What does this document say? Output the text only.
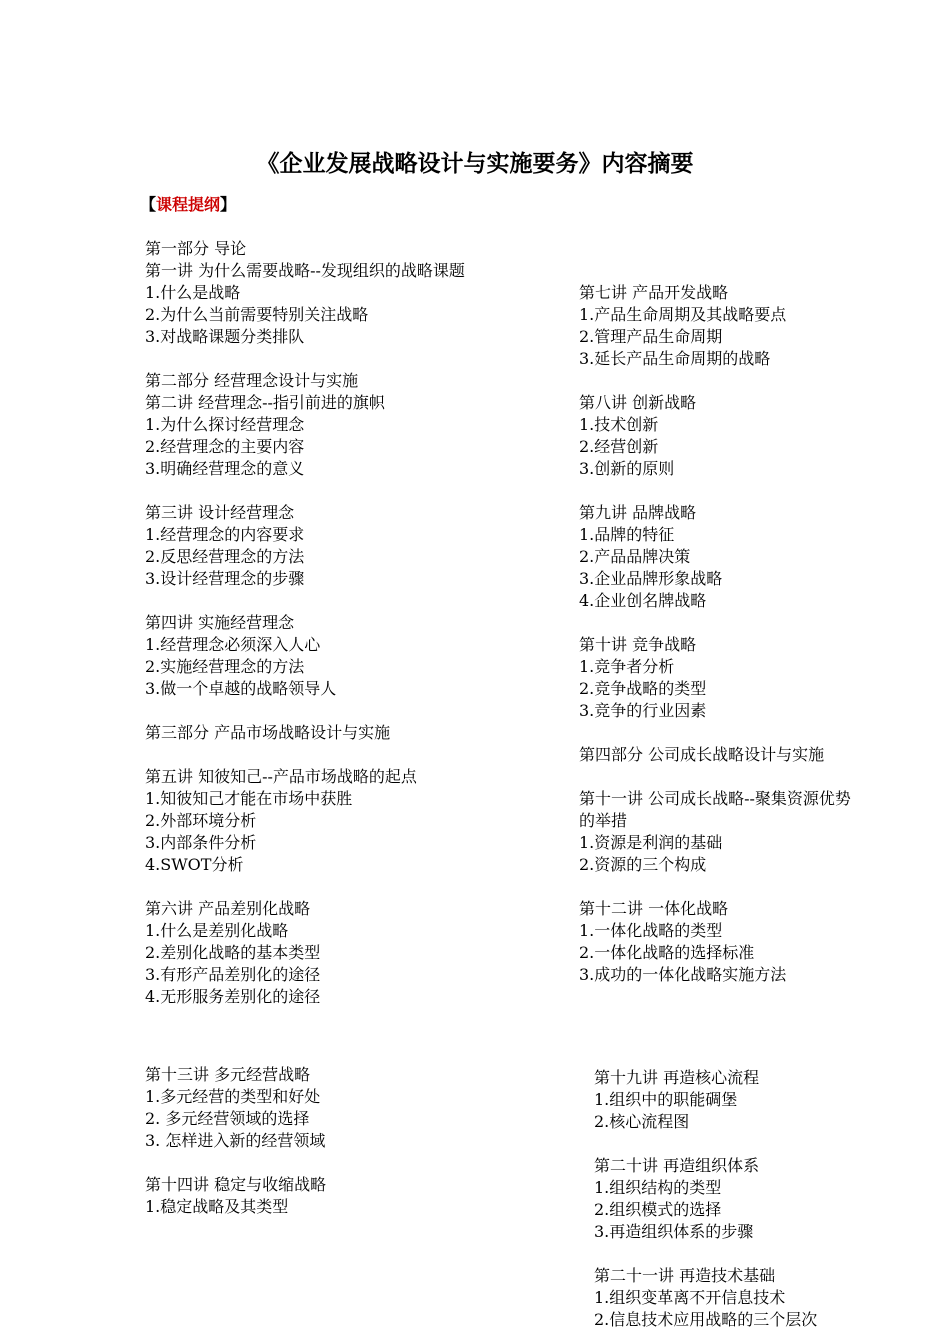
《企业发展战略设计与实施要务》内容摘要
【课程提纲】

第一部分 导论

第一讲 为什么需要战略--发现组织的战略课题

1.什么是战略

2.为什么当前需要特别关注战略

3.对战略课题分类排队

第二部分 经营理念设计与实施

第二讲 经营理念--指引前进的旗帜

1.为什么探讨经营理念

2.经营理念的主要内容

3.明确经营理念的意义

第三讲 设计经营理念

1.经营理念的内容要求

2.反思经营理念的方法

3.设计经营理念的步骤

第四讲 实施经营理念

1.经营理念必须深入人心

2.实施经营理念的方法

3.做一个卓越的战略领导人

第三部分 产品市场战略设计与实施

第五讲 知彼知己--产品市场战略的起点

1.知彼知己才能在市场中获胜

2.外部环境分析

3.内部条件分析

4.SWOT分析

第六讲 产品差别化战略

1.什么是差别化战略

2.差别化战略的基本类型

3.有形产品差别化的途径

4.无形服务差别化的途径

第七讲 产品开发战略

1.产品生命周期及其战略要点

2.管理产品生命周期

3.延长产品生命周期的战略

第八讲 创新战略

1.技术创新

2.经营创新

3.创新的原则

第九讲 品牌战略

1.品牌的特征

2.产品品牌决策

3.企业品牌形象战略

4.企业创名牌战略

第十讲 竞争战略

1.竞争者分析

2.竞争战略的类型

3.竞争的行业因素

第四部分 公司成长战略设计与实施

第十一讲 公司成长战略--聚集资源优势

的举措

1.资源是利润的基础

2.资源的三个构成

第十二讲 一体化战略

1.一体化战略的类型

2.一体化战略的选择标准

3.成功的一体化战略实施方法

第十三讲 多元经营战略

1.多元经营的类型和好处

2. 多元经营领域的选择

3. 怎样进入新的经营领域

第十四讲 稳定与收缩战略

1.稳定战略及其类型

第十九讲 再造核心流程

1.组织中的职能碉堡

2.核心流程图

第二十讲 再造组织体系

1.组织结构的类型

2.组织模式的选择

3.再造组织体系的步骤

第二十一讲 再造技术基础

1.组织变革离不开信息技术

2.信息技术应用战略的三个层次
